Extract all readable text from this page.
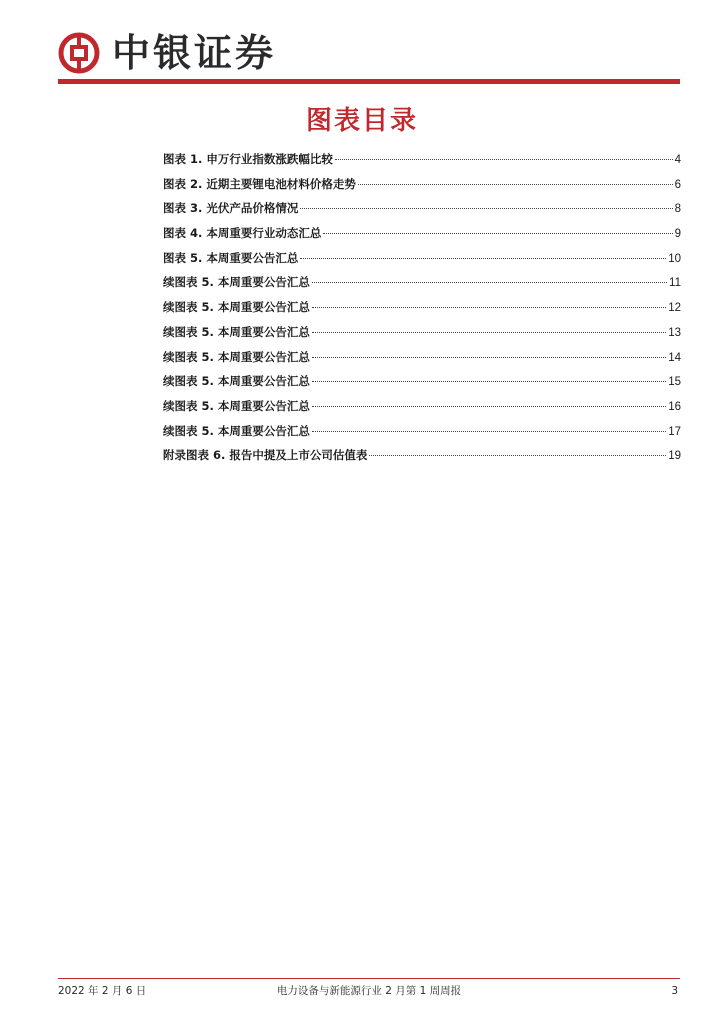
中银证券
图表目录
图表 1. 申万行业指数涨跌幅比较	4
图表 2. 近期主要锂电池材料价格走势	6
图表 3. 光伏产品价格情况	8
图表 4. 本周重要行业动态汇总	9
图表 5. 本周重要公告汇总	10
续图表 5. 本周重要公告汇总	11
续图表 5. 本周重要公告汇总	12
续图表 5. 本周重要公告汇总	13
续图表 5. 本周重要公告汇总	14
续图表 5. 本周重要公告汇总	15
续图表 5. 本周重要公告汇总	16
续图表 5. 本周重要公告汇总	17
附录图表 6. 报告中提及上市公司估值表	19
2022 年 2 月 6 日	电力设备与新能源行业 2 月第 1 周周报	3
